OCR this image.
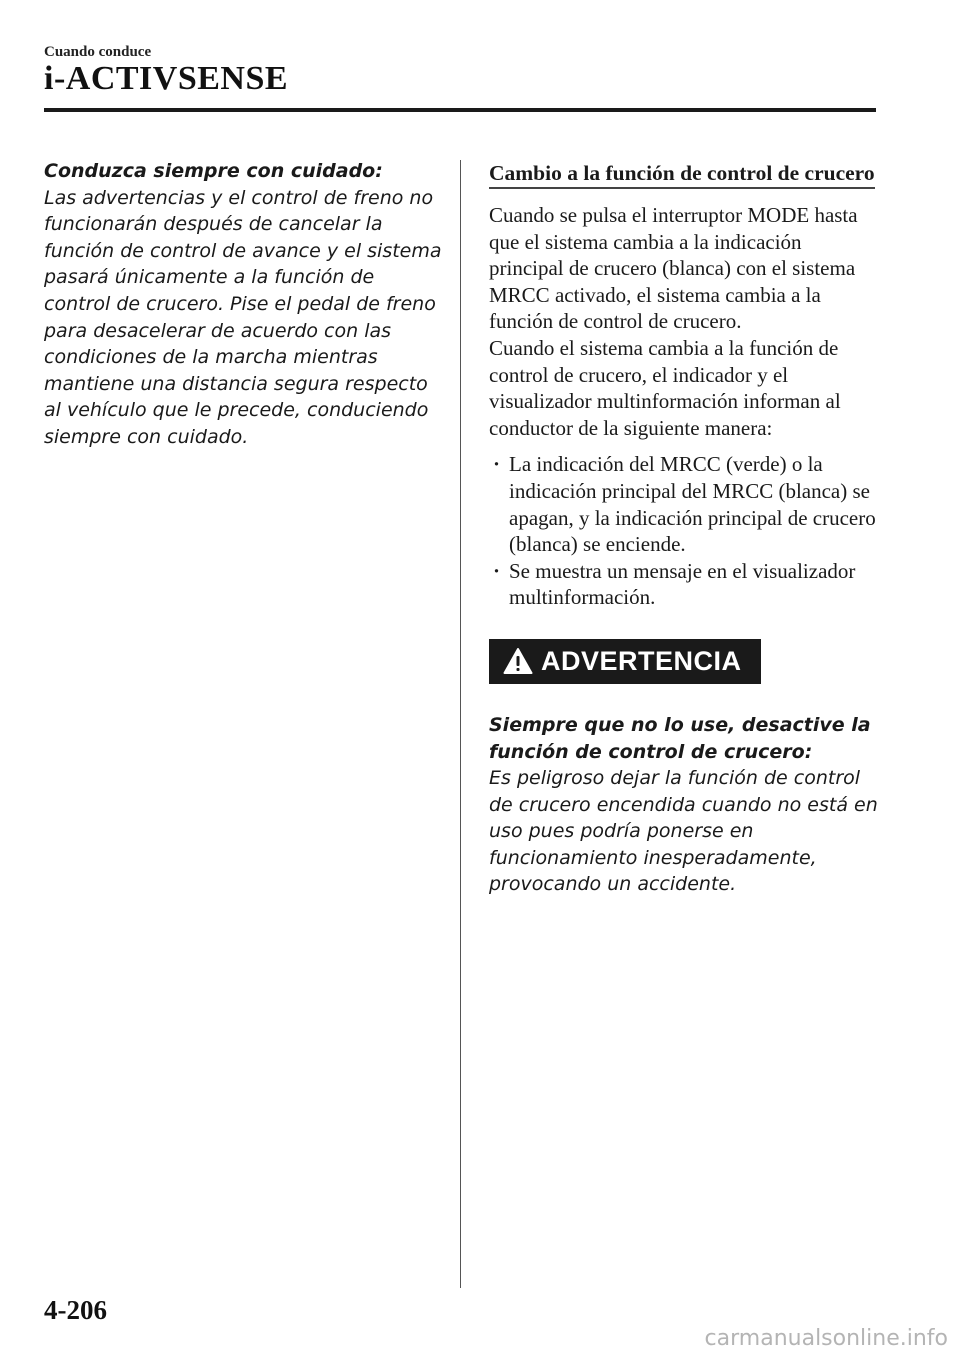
Cuando conduce
i-ACTIVSENSE

Conduzca siempre con cuidado:

Las advertencias y el control de freno no funcionarán después de cancelar la función de control de avance y el sistema pasará únicamente a la función de control de crucero. Pise el pedal de freno para desacelerar de acuerdo con las condiciones de la marcha mientras mantiene una distancia segura respecto al vehículo que le precede, conduciendo siempre con cuidado.

Cambio a la función de control de crucero

Cuando se pulsa el interruptor MODE hasta que el sistema cambia a la indicación principal de crucero (blanca) con el sistema MRCC activado, el sistema cambia a la función de control de crucero.

Cuando el sistema cambia a la función de control de crucero, el indicador y el visualizador multinformación informan al conductor de la siguiente manera:

· La indicación del MRCC (verde) o la indicación principal del MRCC (blanca) se apagan, y la indicación principal de crucero (blanca) se enciende.
· Se muestra un mensaje en el visualizador multinformación.
ADVERTENCIA

Siempre que no lo use, desactive la función de control de crucero:

Es peligroso dejar la función de control de crucero encendida cuando no está en uso pues podría ponerse en funcionamiento inesperadamente, provocando un accidente.

4-206
carmanualsonline.info
